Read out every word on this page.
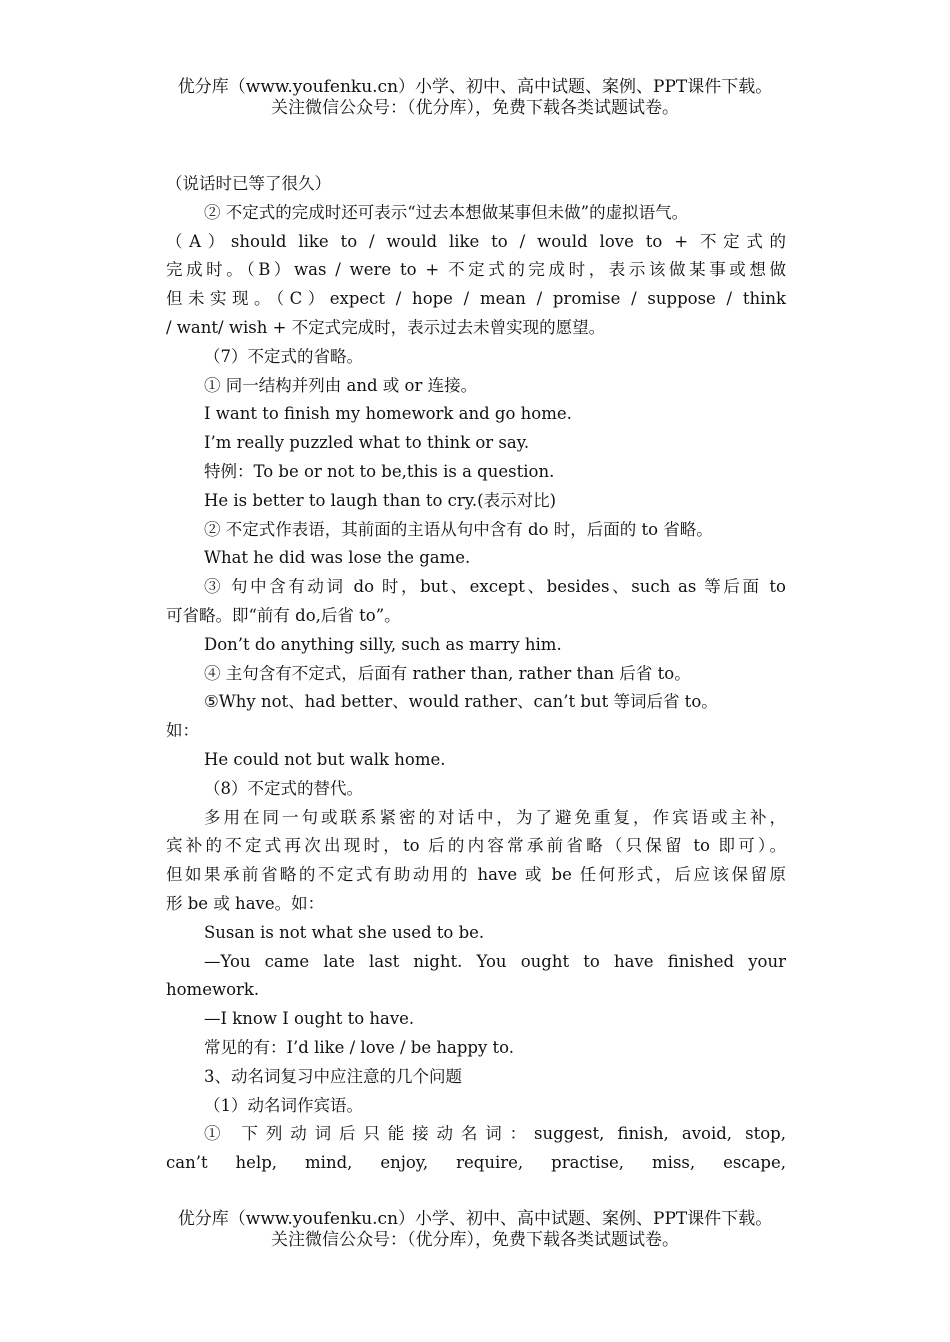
优分库（www.youfenku.cn）小学、初中、高中试题、案例、PPT课件下载。
关注微信公众号：（优分库），免费下载各类试题试卷。
（说话时已等了很久）
② 不定式的完成时还可表示“过去本想做某事但未做”的虚拟语气。
（A）should like to / would like to / would love to + 不定式的
完成时。（B）was / were to + 不定式的完成时，表示该做某事或想做
但未实现。（C）expect / hope / mean / promise / suppose / think
/ want/ wish + 不定式完成时，表示过去未曾实现的愿望。
（7）不定式的省略。
① 同一结构并列由 and 或 or 连接。
I want to finish my homework and go home.
I’m really puzzled what to think or say.
特例：To be or not to be,this is a question.
He is better to laugh than to cry.(表示对比)
② 不定式作表语，其前面的主语从句中含有 do 时，后面的 to 省略。
What he did was lose the game.
③ 句中含有动词 do 时，but、except、besides、such as 等后面 to
可省略。即“前有 do,后省 to”。
Don’t do anything silly, such as marry him.
④ 主句含有不定式，后面有 rather than, rather than 后省 to。
⑤Why not、had better、would rather、can’t but 等词后省 to。
如：
He could not but walk home.
（8）不定式的替代。
多用在同一句或联系紧密的对话中，为了避免重复，作宾语或主补，
宾补的不定式再次出现时，to 后的内容常承前省略（只保留 to 即可）。
但如果承前省略的不定式有助动用的 have 或 be 任何形式，后应该保留原
形 be 或 have。如：
Susan is not what she used to be.
—You came late last night. You ought to have finished your
homework.
—I know I ought to have.
常见的有：I’d like / love / be happy to.
3、动名词复习中应注意的几个问题
（1）动名词作宾语。
① 下列动词后只能接动名词：suggest, finish, avoid, stop,
can’t help, mind, enjoy, require, practise, miss, escape,
优分库（www.youfenku.cn）小学、初中、高中试题、案例、PPT课件下载。
关注微信公众号：（优分库），免费下载各类试题试卷。
